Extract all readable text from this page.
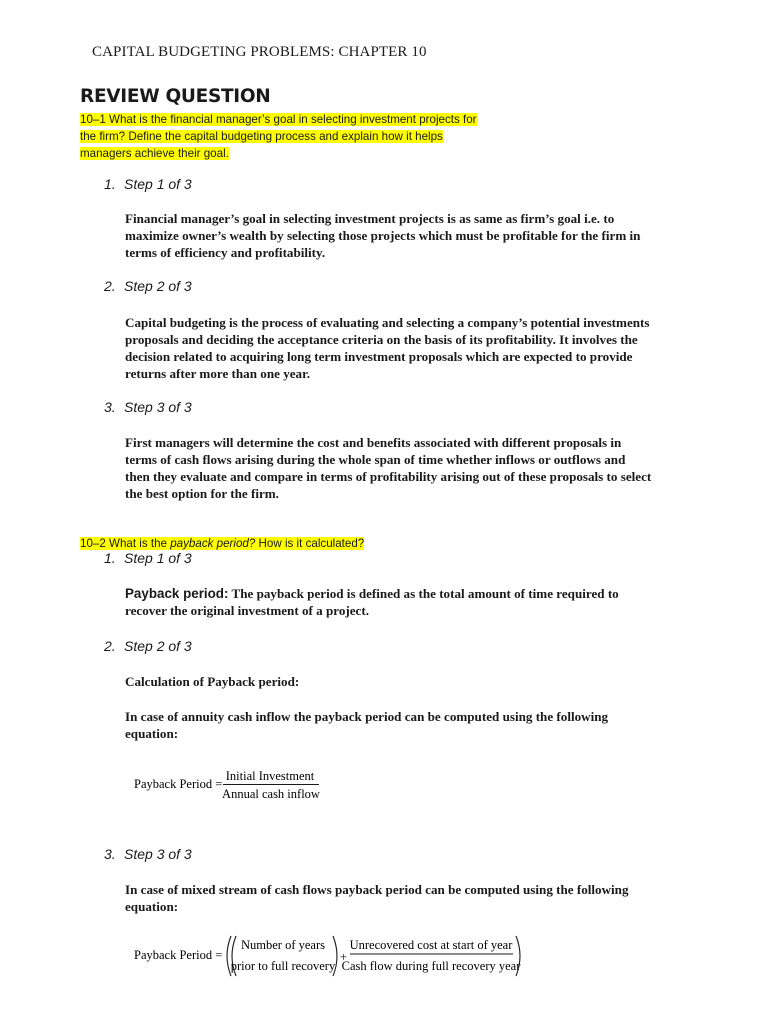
CAPITAL BUDGETING PROBLEMS: CHAPTER 10
REVIEW QUESTION
10–1 What is the financial manager’s goal in selecting investment projects for
the firm? Define the capital budgeting process and explain how it helps
managers achieve their goal.
1. Step 1 of 3
Financial manager’s goal in selecting investment projects is as same as firm’s goal i.e. to
maximize owner’s wealth by selecting those projects which must be profitable for the firm in
terms of efficiency and profitability.
2. Step 2 of 3
Capital budgeting is the process of evaluating and selecting a company’s potential investments
proposals and deciding the acceptance criteria on the basis of its profitability. It involves the
decision related to acquiring long term investment proposals which are expected to provide
returns after more than one year.
3. Step 3 of 3
First managers will determine the cost and benefits associated with different proposals in
terms of cash flows arising during the whole span of time whether inflows or outflows and
then they evaluate and compare in terms of profitability arising out of these proposals to select
the best option for the firm.
10–2 What is the payback period? How is it calculated?
1. Step 1 of 3
Payback period: The payback period is defined as the total amount of time required to
recover the original investment of a project.
2. Step 2 of 3
Calculation of Payback period:
In case of annuity cash inflow the payback period can be computed using the following
equation:
Payback Period =
Initial Investment
Annual cash inflow
3. Step 3 of 3
In case of mixed stream of cash flows payback period can be computed using the following
equation:
Payback Period =
Number of years
prior to full recovery
+
Unrecovered cost at start of year
Cash flow during full recovery year
